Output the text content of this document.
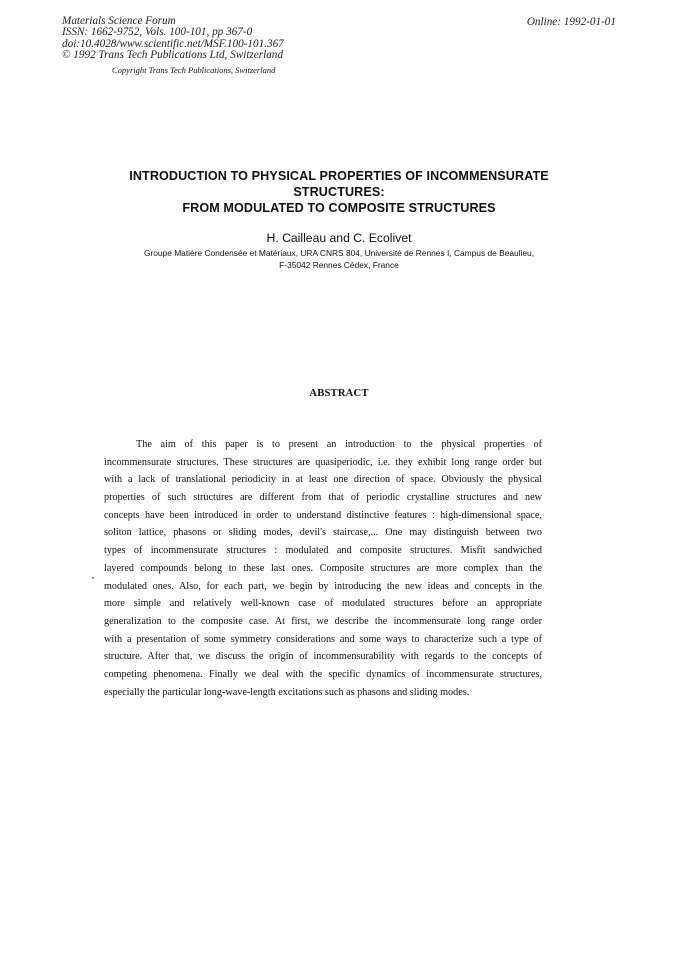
Materials Science Forum
ISSN: 1662-9752, Vols. 100-101, pp 367-0
doi:10.4028/www.scientific.net/MSF.100-101.367
© 1992 Trans Tech Publications Ltd, Switzerland
Copyright Trans Tech Publications, Switzerland
Online: 1992-01-01
INTRODUCTION TO PHYSICAL PROPERTIES OF INCOMMENSURATE
STRUCTURES:
FROM MODULATED TO COMPOSITE STRUCTURES
H. Cailleau and C. Ecolivet
Groupe Matière Condensée et Matériaux, URA CNRS 804, Université de Rennes I, Campus de Beaulieu,
F-35042 Rennes Cédex, France
ABSTRACT
The aim of this paper is to present an introduction to the physical properties of
incommensurate structures. These structures are quasiperiodic, i.e. they exhibit long range order but
with a lack of translational periodicity in at least one direction of space. Obviously the physical
properties of such structures are different from that of periodic crystalline structures and new
concepts have been introduced in order to understand distinctive features : high-dimensional space,
soliton lattice, phasons or sliding modes, devil's staircase,... One may distinguish between two
types of incommensurate structures : modulated and composite structures. Misfit sandwiched
layered compounds belong to these last ones. Composite structures are more complex than the
modulated ones. Also, for each part, we begin by introducing the new ideas and concepts in the
more simple and relatively well-known case of modulated structures before an appropriate
generalization to the composite case. At first, we describe the incommensurate long range order
with a presentation of some symmetry considerations and some ways to characterize such a type of
structure. After that, we discuss the origin of incommensurability with regards to the concepts of
competing phenomena. Finally we deal with the specific dynamics of incommensurate structures,
especially the particular long-wave-length excitations such as phasons and sliding modes.
